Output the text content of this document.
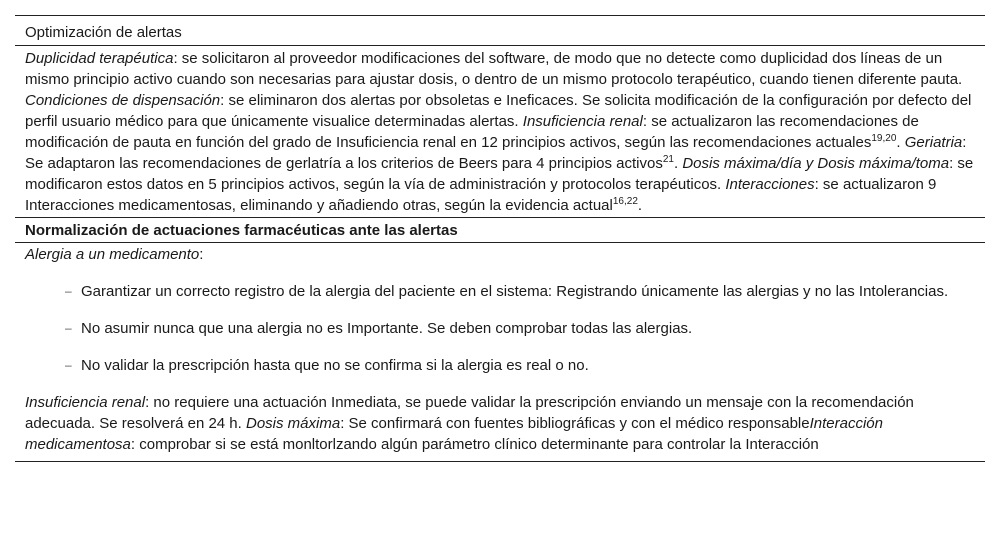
Optimización de alertas
Duplicidad terapéutica: se solicitaron al proveedor modificaciones del software, de modo que no detecte como duplicidad dos líneas de un mismo principio activo cuando son necesarias para ajustar dosis, o dentro de un mismo protocolo terapéutico, cuando tienen diferente pauta. Condiciones de dispensación: se eliminaron dos alertas por obsoletas e Ineficaces. Se solicita modificación de la configuración por defecto del perfil usuario médico para que únicamente visualice determinadas alertas. Insuficiencia renal: se actualizaron las recomendaciones de modificación de pauta en función del grado de Insuficiencia renal en 12 principios activos, según las recomendaciones actuales$^{19,20}$. Geriatria: Se adaptaron las recomendaciones de gerlatría a los criterios de Beers para 4 principios activos$^{21}$. Dosis máxima/día y Dosis máxima/toma: se modificaron estos datos en 5 principios activos, según la vía de administración y protocolos terapéuticos. Interacciones: se actualizaron 9 Interacciones medicamentosas, eliminando y añadiendo otras, según la evidencia actual$^{16,22}$.
Normalización de actuaciones farmacéuticas ante las alertas
Alergia a un medicamento:
– Garantizar un correcto registro de la alergia del paciente en el sistema: Registrando únicamente las alergias y no las Intolerancias.
– No asumir nunca que una alergia no es Importante. Se deben comprobar todas las alergias.
– No validar la prescripción hasta que no se confirma si la alergia es real o no.
Insuficiencia renal: no requiere una actuación Inmediata, se puede validar la prescripción enviando un mensaje con la recomendación adecuada. Se resolverá en 24 h. Dosis máxima: Se confirmará con fuentes bibliográficas y con el médico responsableInteracción medicamentosa: comprobar si se está monltorlzando algún parámetro clínico determinante para controlar la Interacción
